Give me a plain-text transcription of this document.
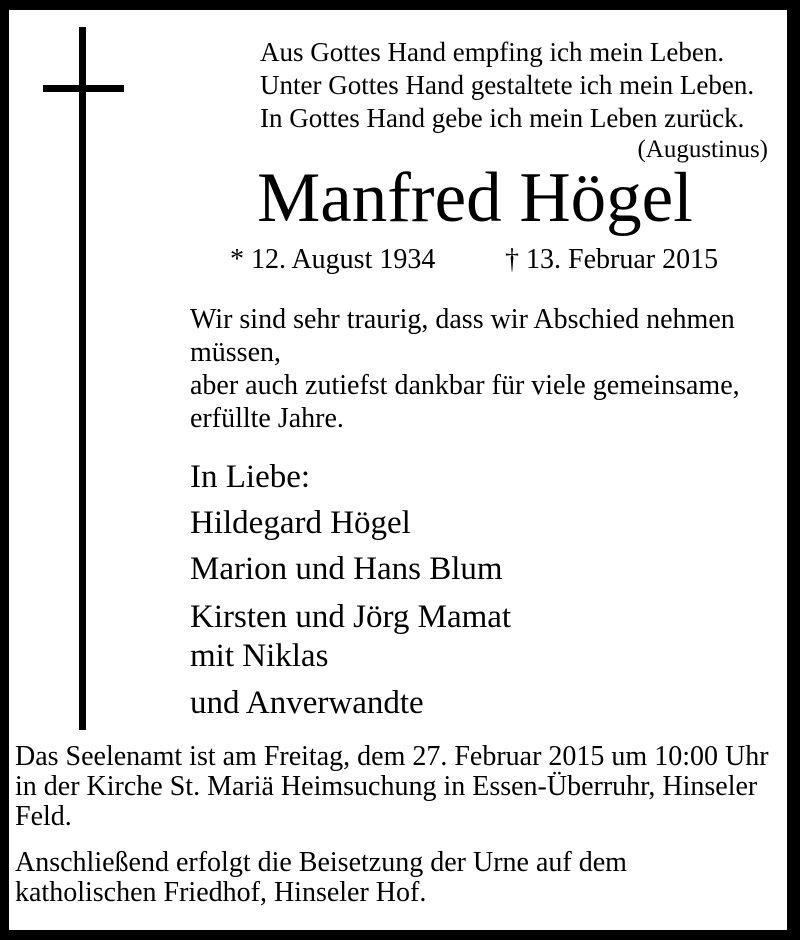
Aus Gottes Hand empfing ich mein Leben.
Unter Gottes Hand gestaltete ich mein Leben.
In Gottes Hand gebe ich mein Leben zurück.
(Augustinus)
Manfred Högel
* 12. August 1934 † 13. Februar 2015
Wir sind sehr traurig, dass wir Abschied nehmen
müssen,
aber auch zutiefst dankbar für viele gemeinsame,
erfüllte Jahre.
In Liebe:
Hildegard Högel
Marion und Hans Blum
Kirsten und Jörg Mamat
mit Niklas
und Anverwandte
Das Seelenamt ist am Freitag, dem 27. Februar 2015 um 10:00 Uhr
in der Kirche St. Mariä Heimsuchung in Essen-Überruhr, Hinseler
Feld.
Anschließend erfolgt die Beisetzung der Urne auf dem
katholischen Friedhof, Hinseler Hof.
